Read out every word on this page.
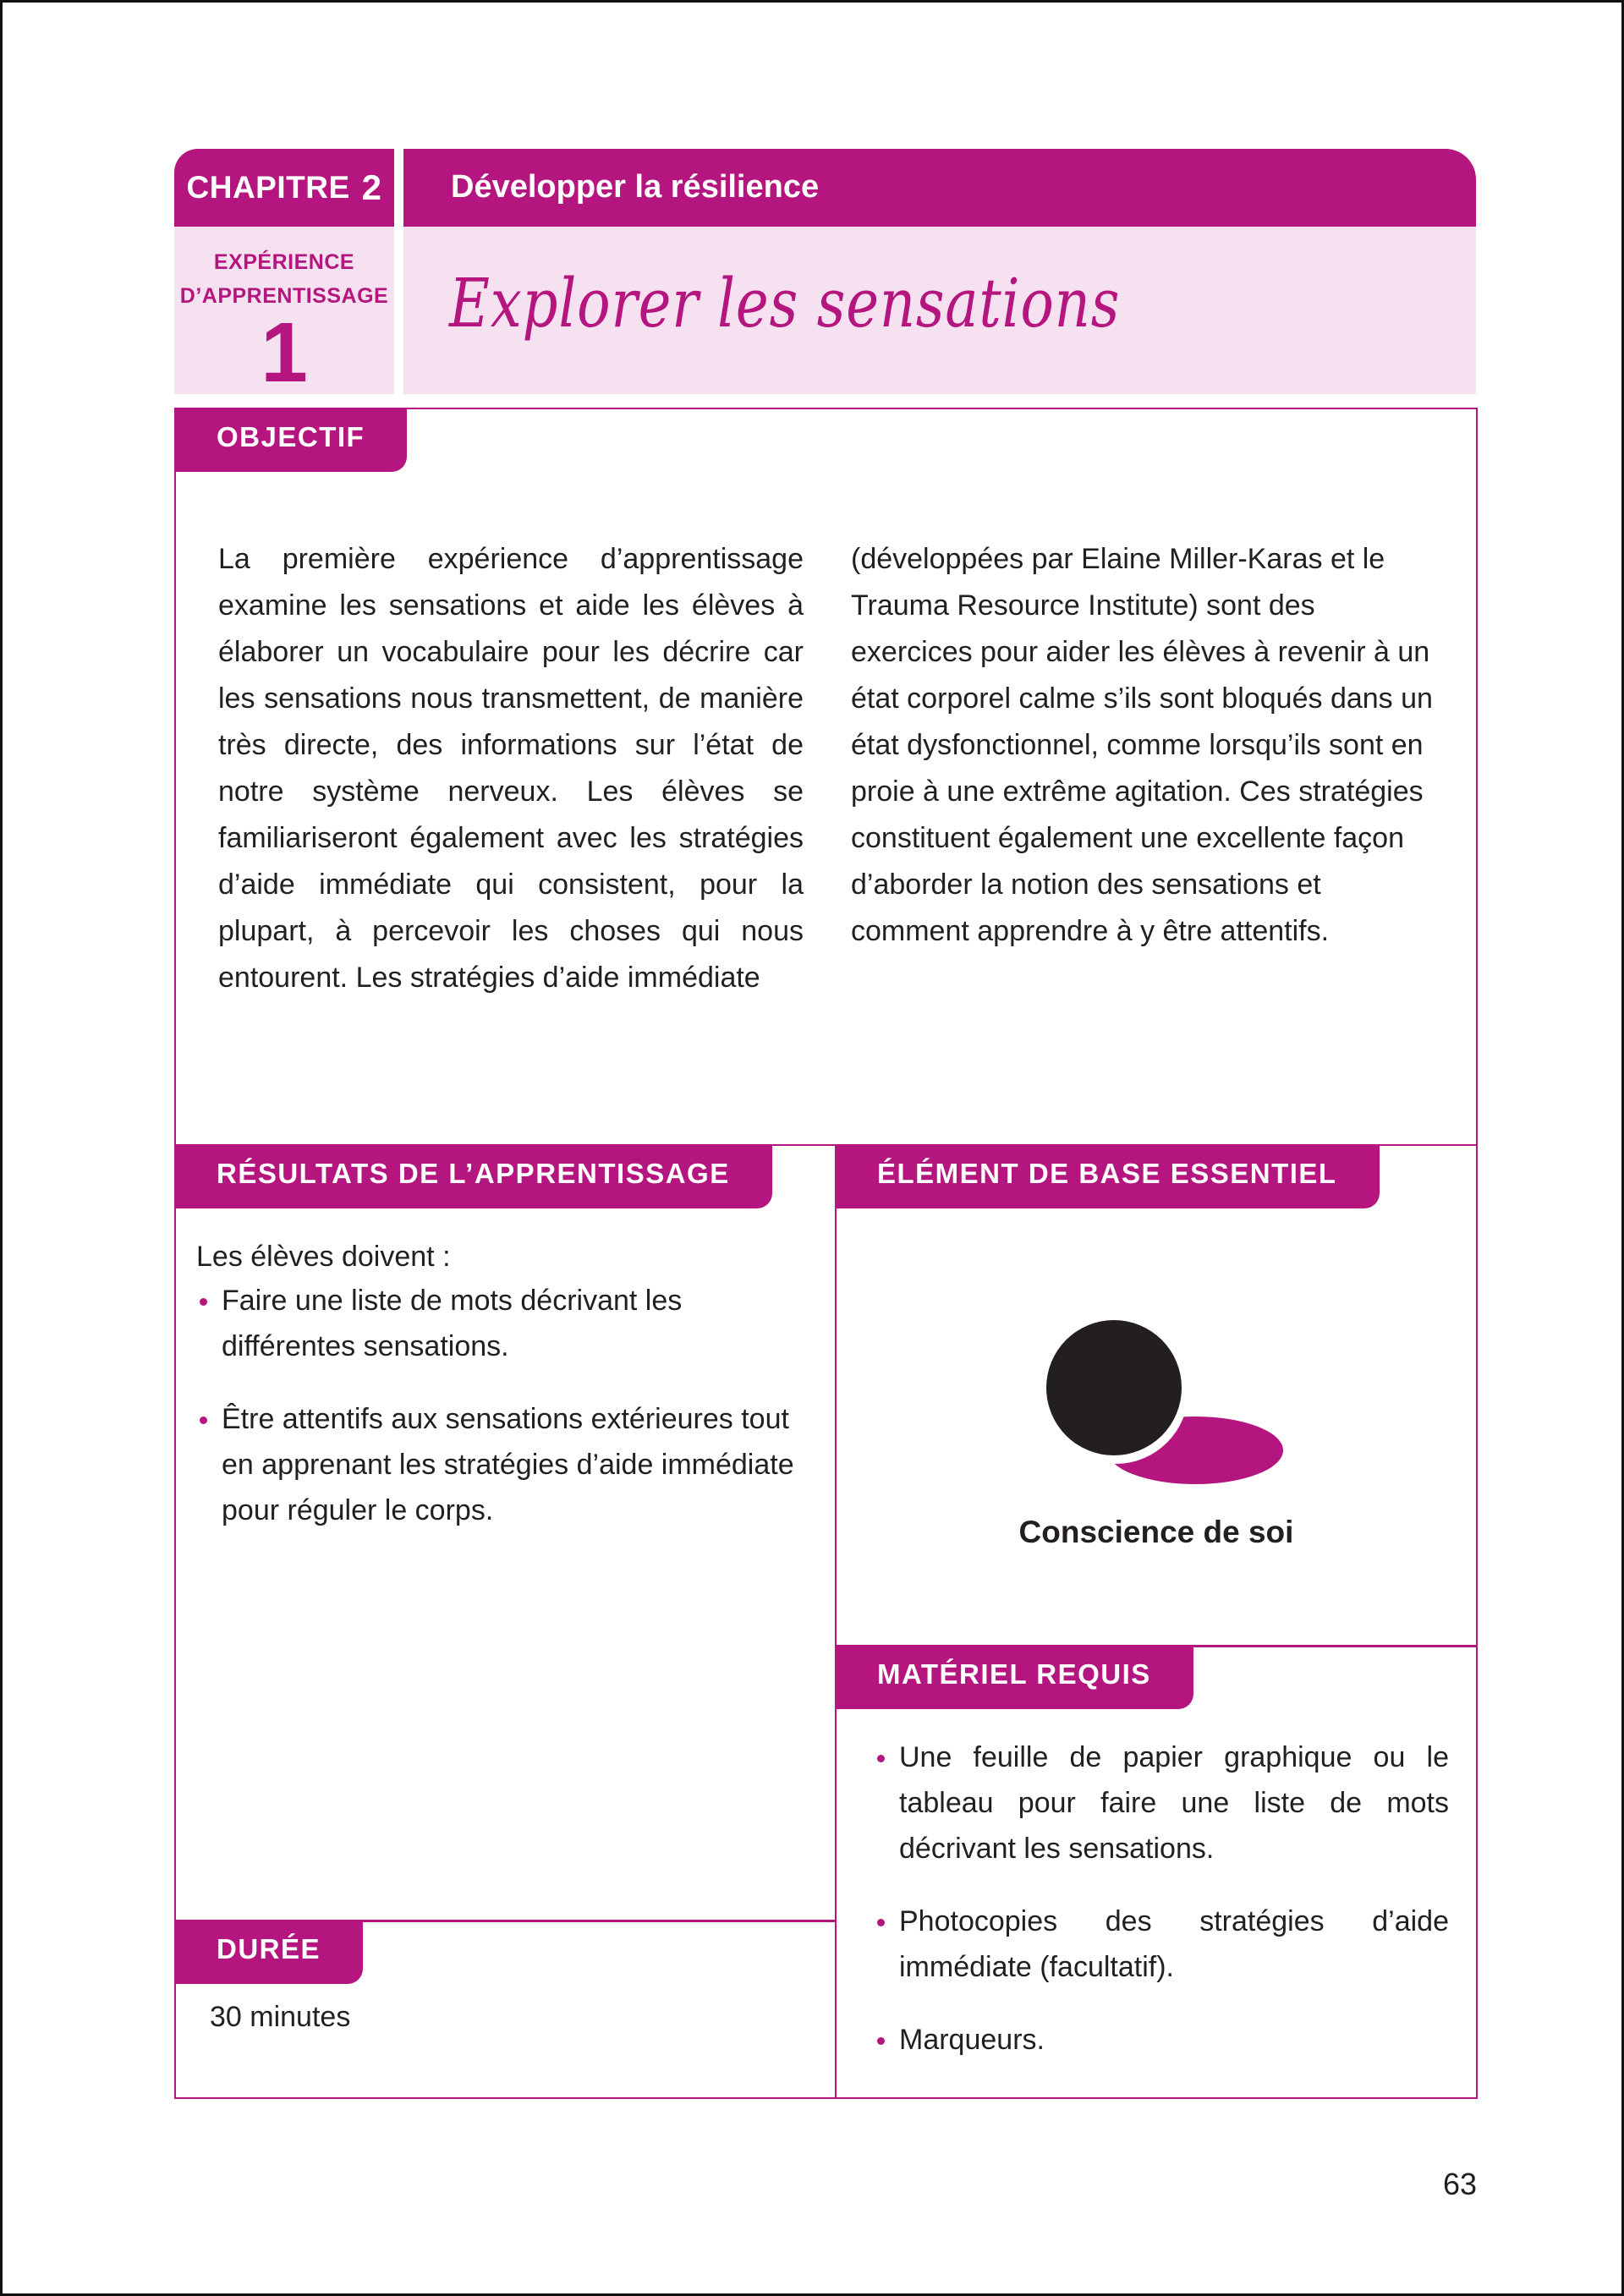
CHAPITRE 2	Développer la résilience
EXPÉRIENCE
D’APPRENTISSAGE
1
Explorer les sensations
OBJECTIF

La première expérience d’apprentissage examine les sensations et aide les élèves à élaborer un vocabulaire pour les décrire car les sensations nous transmettent, de manière très directe, des informations sur l’état de notre système nerveux. Les élèves se familiariseront également avec les stratégies d’aide immédiate qui consistent, pour la plupart, à percevoir les choses qui nous entourent. Les stratégies d’aide immédiate

(développées par Elaine Miller-Karas et le Trauma Resource Institute) sont des exercices pour aider les élèves à revenir à un état corporel calme s’ils sont bloqués dans un état dysfonctionnel, comme lorsqu’ils sont en proie à une extrême agitation. Ces stratégies constituent également une excellente façon d’aborder la notion des sensations et comment apprendre à y être attentifs.

RÉSULTATS DE L’APPRENTISSAGE
Les élèves doivent :
Faire une liste de mots décrivant les différentes sensations.
Être attentifs aux sensations extérieures tout en apprenant les stratégies d’aide immédiate pour réguler le corps.
ÉLÉMENT DE BASE ESSENTIEL
Conscience de soi
MATÉRIEL REQUIS
Une feuille de papier graphique ou le tableau pour faire une liste de mots décrivant les sensations.
Photocopies des stratégies d’aide immédiate (facultatif).
Marqueurs.
DURÉE
30 minutes
63
